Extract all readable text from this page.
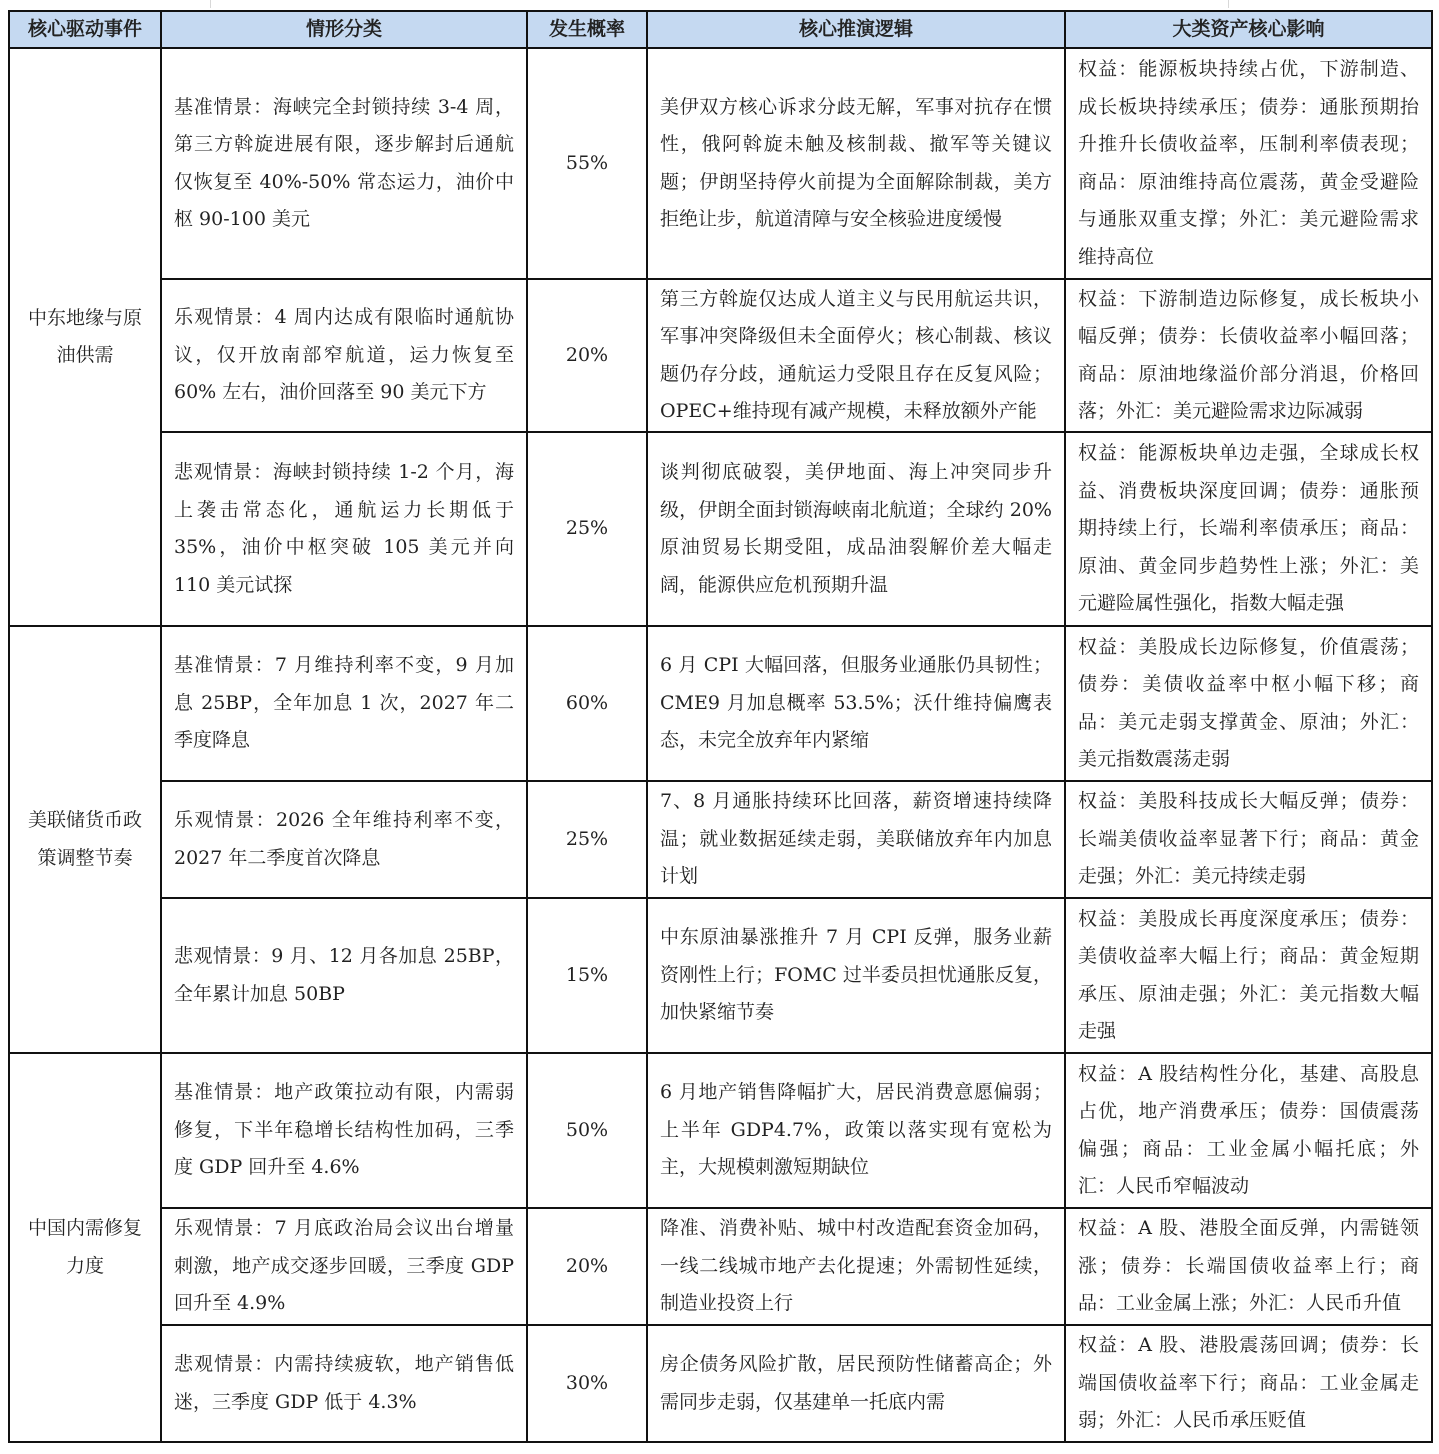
核心驱动事件	情形分类	发生概率	核心推演逻辑	大类资产核心影响
中东地缘与原油供需	基准情景：海峡完全封锁持续 3-4 周，第三方斡旋进展有限，逐步解封后通航仅恢复至 40%-50% 常态运力，油价中枢 90-100 美元	55%	美伊双方核心诉求分歧无解，军事对抗存在惯性，俄阿斡旋未触及核制裁、撤军等关键议题；伊朗坚持停火前提为全面解除制裁，美方拒绝让步，航道清障与安全核验进度缓慢	权益：能源板块持续占优，下游制造、成长板块持续承压；债券：通胀预期抬升推升长债收益率，压制利率债表现；商品：原油维持高位震荡，黄金受避险与通胀双重支撑；外汇：美元避险需求维持高位
	乐观情景：4 周内达成有限临时通航协议，仅开放南部窄航道，运力恢复至 60% 左右，油价回落至 90 美元下方	20%	第三方斡旋仅达成人道主义与民用航运共识，军事冲突降级但未全面停火；核心制裁、核议题仍存分歧，通航运力受限且存在反复风险；OPEC+维持现有减产规模，未释放额外产能	权益：下游制造边际修复，成长板块小幅反弹；债券：长债收益率小幅回落；商品：原油地缘溢价部分消退，价格回落；外汇：美元避险需求边际减弱
	悲观情景：海峡封锁持续 1-2 个月，海上袭击常态化，通航运力长期低于 35%，油价中枢突破 105 美元并向 110 美元试探	25%	谈判彻底破裂，美伊地面、海上冲突同步升级，伊朗全面封锁海峡南北航道；全球约 20%原油贸易长期受阻，成品油裂解价差大幅走阔，能源供应危机预期升温	权益：能源板块单边走强，全球成长权益、消费板块深度回调；债券：通胀预期持续上行，长端利率债承压；商品：原油、黄金同步趋势性上涨；外汇：美元避险属性强化，指数大幅走强
美联储货币政策调整节奏	基准情景：7 月维持利率不变，9 月加息 25BP，全年加息 1 次，2027 年二季度降息	60%	6 月 CPI 大幅回落，但服务业通胀仍具韧性；CME9 月加息概率 53.5%；沃什维持偏鹰表态，未完全放弃年内紧缩	权益：美股成长边际修复，价值震荡；债券：美债收益率中枢小幅下移；商品：美元走弱支撑黄金、原油；外汇：美元指数震荡走弱
	乐观情景：2026 全年维持利率不变，2027 年二季度首次降息	25%	7、8 月通胀持续环比回落，薪资增速持续降温；就业数据延续走弱，美联储放弃年内加息计划	权益：美股科技成长大幅反弹；债券：长端美债收益率显著下行；商品：黄金走强；外汇：美元持续走弱
	悲观情景：9 月、12 月各加息 25BP，全年累计加息 50BP	15%	中东原油暴涨推升 7 月 CPI 反弹，服务业薪资刚性上行；FOMC 过半委员担忧通胀反复，加快紧缩节奏	权益：美股成长再度深度承压；债券：美债收益率大幅上行；商品：黄金短期承压、原油走强；外汇：美元指数大幅走强
中国内需修复力度	基准情景：地产政策拉动有限，内需弱修复，下半年稳增长结构性加码，三季度 GDP 回升至 4.6%	50%	6 月地产销售降幅扩大，居民消费意愿偏弱；上半年 GDP4.7%，政策以落实现有宽松为主，大规模刺激短期缺位	权益：A 股结构性分化，基建、高股息占优，地产消费承压；债券：国债震荡偏强；商品：工业金属小幅托底；外汇：人民币窄幅波动
	乐观情景：7 月底政治局会议出台增量刺激，地产成交逐步回暖，三季度 GDP 回升至 4.9%	20%	降准、消费补贴、城中村改造配套资金加码，一线二线城市地产去化提速；外需韧性延续，制造业投资上行	权益：A 股、港股全面反弹，内需链领涨；债券：长端国债收益率上行；商品：工业金属上涨；外汇：人民币升值
	悲观情景：内需持续疲软，地产销售低迷，三季度 GDP 低于 4.3%	30%	房企债务风险扩散，居民预防性储蓄高企；外需同步走弱，仅基建单一托底内需	权益：A 股、港股震荡回调；债券：长端国债收益率下行；商品：工业金属走弱；外汇：人民币承压贬值
